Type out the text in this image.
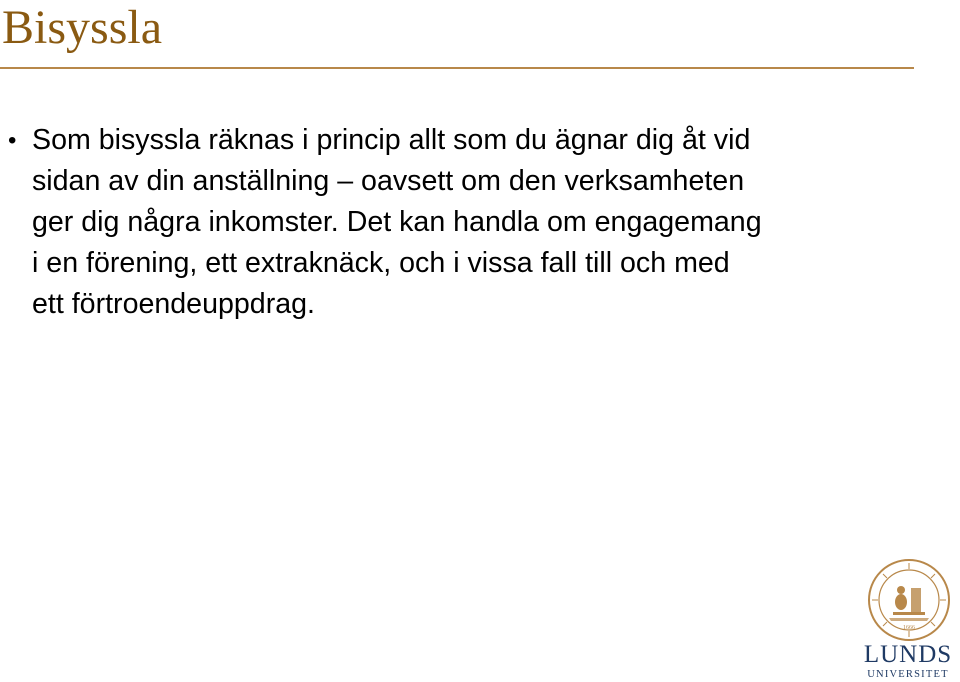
Bisyssla
• Som bisyssla räknas i princip allt som du ägnar dig åt vid
sidan av din anställning – oavsett om den verksamheten
ger dig några inkomster. Det kan handla om engagemang
i en förening, ett extraknäck, och i vissa fall till och med
ett förtroendeuppdrag.
1666
LUNDS
UNIVERSITET
